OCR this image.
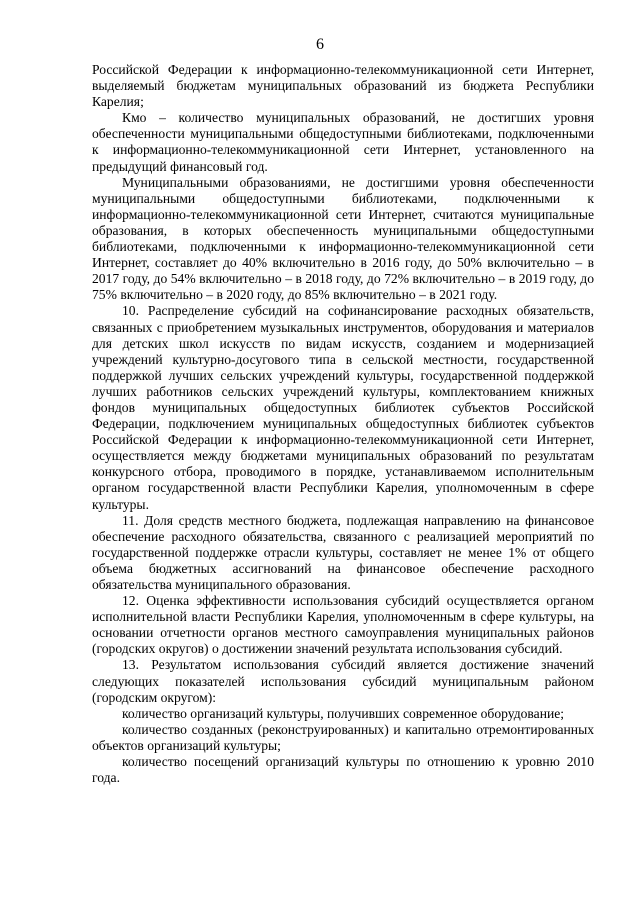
6

Российской Федерации к информационно-телекоммуникационной сети Интернет, выделяемый бюджетам муниципальных образований из бюджета Республики Карелия;

Кмо – количество муниципальных образований, не достигших уровня обеспеченности муниципальными общедоступными библиотеками, подключенными к информационно-телекоммуникационной сети Интернет, установленного на предыдущий финансовый год.

Муниципальными образованиями, не достигшими уровня обеспеченности муниципальными общедоступными библиотеками, подключенными к информационно-телекоммуникационной сети Интернет, считаются муниципальные образования, в которых обеспеченность муниципальными общедоступными библиотеками, подключенными к информационно-телекоммуникационной сети Интернет, составляет до 40% включительно в 2016 году, до 50% включительно – в 2017 году, до 54% включительно – в 2018 году, до 72% включительно – в 2019 году, до 75% включительно – в 2020 году, до 85% включительно – в 2021 году.

10. Распределение субсидий на софинансирование расходных обязательств, связанных с приобретением музыкальных инструментов, оборудования и материалов для детских школ искусств по видам искусств, созданием и модернизацией учреждений культурно-досугового типа в сельской местности, государственной поддержкой лучших сельских учреждений культуры, государственной поддержкой лучших работников сельских учреждений культуры, комплектованием книжных фондов муниципальных общедоступных библиотек субъектов Российской Федерации, подключением муниципальных общедоступных библиотек субъектов Российской Федерации к информационно-телекоммуникационной сети Интернет, осуществляется между бюджетами муниципальных образований по результатам конкурсного отбора, проводимого в порядке, устанавливаемом исполнительным органом государственной власти Республики Карелия, уполномоченным в сфере культуры.

11. Доля средств местного бюджета, подлежащая направлению на финансовое обеспечение расходного обязательства, связанного с реализацией мероприятий по государственной поддержке отрасли культуры, составляет не менее 1% от общего объема бюджетных ассигнований на финансовое обеспечение расходного обязательства муниципального образования.

12. Оценка эффективности использования субсидий осуществляется органом исполнительной власти Республики Карелия, уполномоченным в сфере культуры, на основании отчетности органов местного самоуправления муниципальных районов (городских округов) о достижении значений результата использования субсидий.

13. Результатом использования субсидий является достижение значений следующих показателей использования субсидий муниципальным районом (городским округом):

количество организаций культуры, получивших современное оборудование;

количество созданных (реконструированных) и капитально отремонтированных объектов организаций культуры;

количество посещений организаций культуры по отношению к уровню 2010 года.
